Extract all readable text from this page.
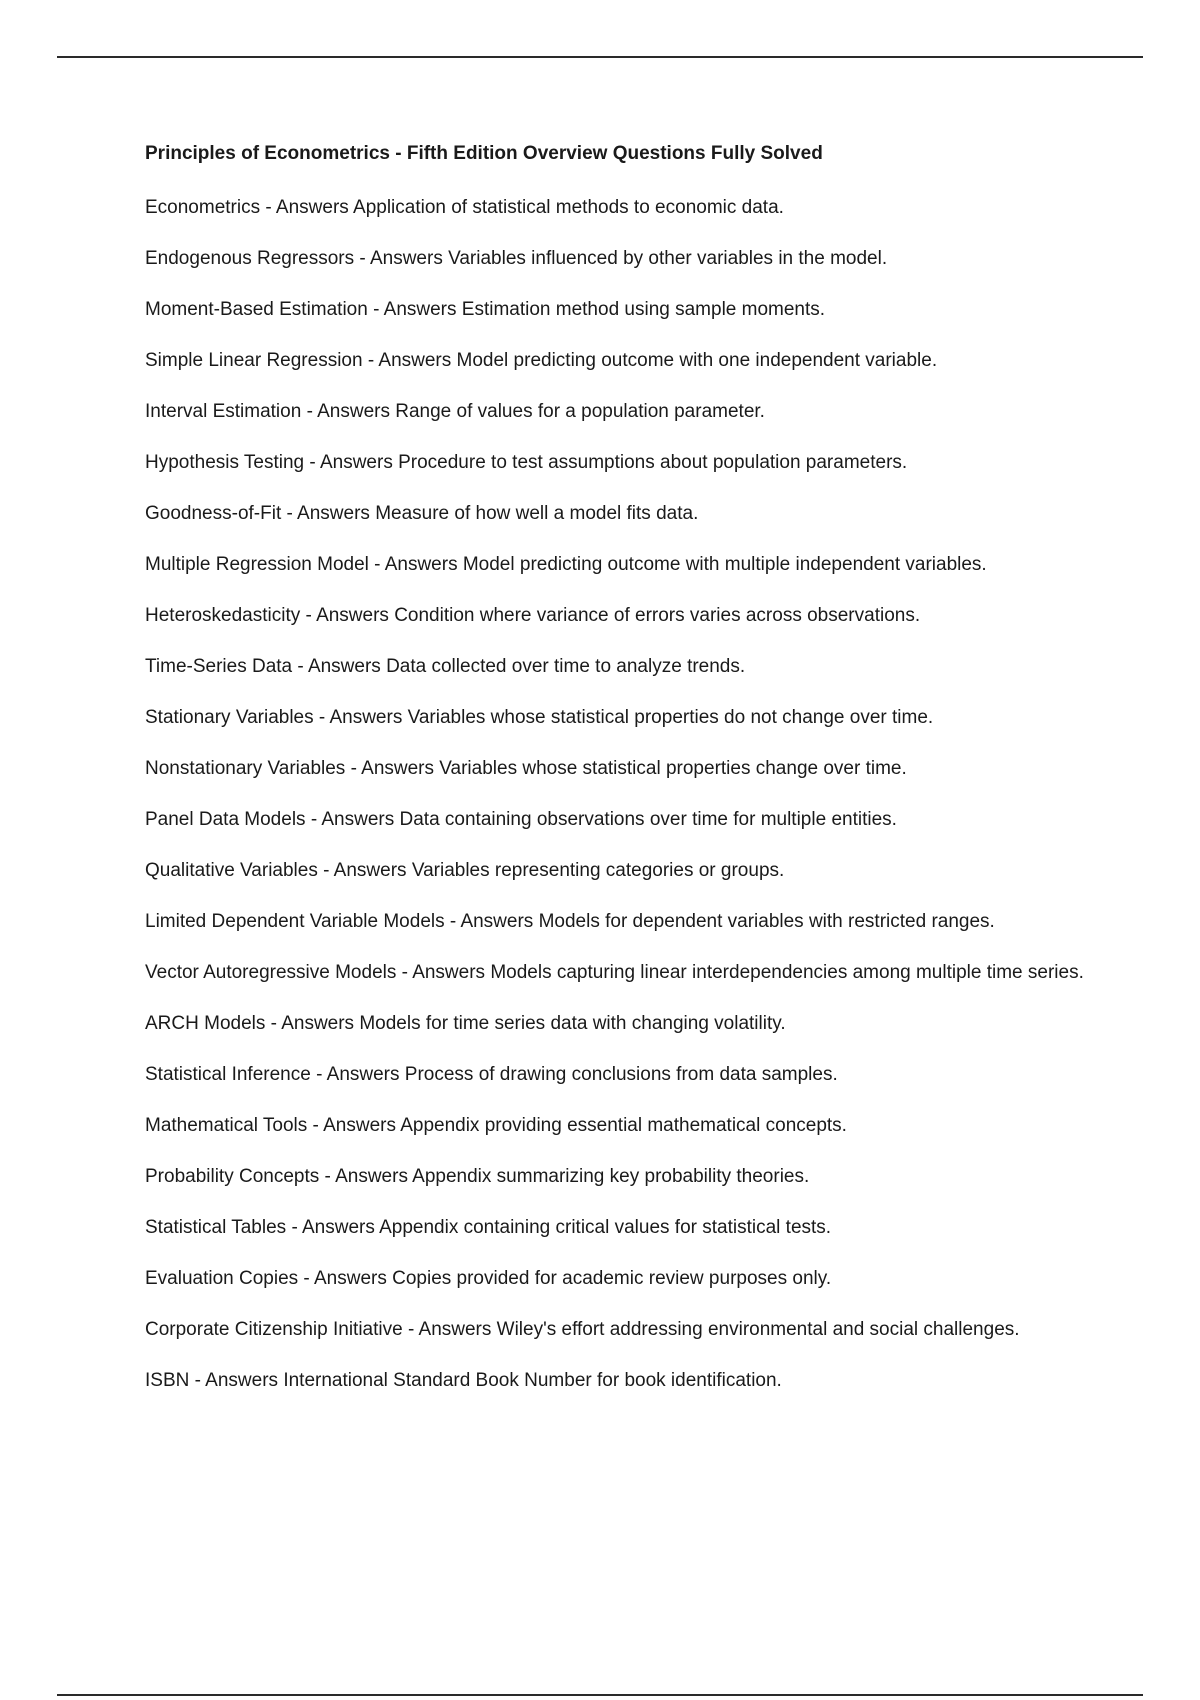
Principles of Econometrics - Fifth Edition Overview Questions Fully Solved
Econometrics - Answers Application of statistical methods to economic data.
Endogenous Regressors - Answers Variables influenced by other variables in the model.
Moment-Based Estimation - Answers Estimation method using sample moments.
Simple Linear Regression - Answers Model predicting outcome with one independent variable.
Interval Estimation - Answers Range of values for a population parameter.
Hypothesis Testing - Answers Procedure to test assumptions about population parameters.
Goodness-of-Fit - Answers Measure of how well a model fits data.
Multiple Regression Model - Answers Model predicting outcome with multiple independent variables.
Heteroskedasticity - Answers Condition where variance of errors varies across observations.
Time-Series Data - Answers Data collected over time to analyze trends.
Stationary Variables - Answers Variables whose statistical properties do not change over time.
Nonstationary Variables - Answers Variables whose statistical properties change over time.
Panel Data Models - Answers Data containing observations over time for multiple entities.
Qualitative Variables - Answers Variables representing categories or groups.
Limited Dependent Variable Models - Answers Models for dependent variables with restricted ranges.
Vector Autoregressive Models - Answers Models capturing linear interdependencies among multiple time series.
ARCH Models - Answers Models for time series data with changing volatility.
Statistical Inference - Answers Process of drawing conclusions from data samples.
Mathematical Tools - Answers Appendix providing essential mathematical concepts.
Probability Concepts - Answers Appendix summarizing key probability theories.
Statistical Tables - Answers Appendix containing critical values for statistical tests.
Evaluation Copies - Answers Copies provided for academic review purposes only.
Corporate Citizenship Initiative - Answers Wiley's effort addressing environmental and social challenges.
ISBN - Answers International Standard Book Number for book identification.
